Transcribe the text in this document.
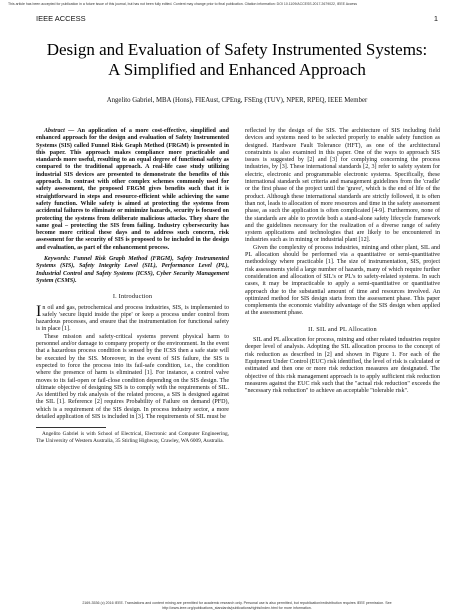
This article has been accepted for publication in a future issue of this journal, but has not been fully edited. Content may change prior to final publication. Citation information: DOI 10.1109/ACCESS.2017.2679022, IEEE Access
IEEE ACCESS	1
Design and Evaluation of Safety Instrumented Systems:
A Simplified and Enhanced Approach
Angelito Gabriel, MBA (Hons), FIEAust, CPEng, FSEng (TUV), NPER, RPEQ, IEEE Member

Abstract — An application of a more cost-effective, simplified and enhanced approach for the design and evaluation of Safety Instrumented Systems (SIS) called Funnel Risk Graph Method (FRGM) is presented in this paper. This approach makes compliance more practicable and standards more useful, resulting to an equal degree of functional safety as compared to the traditional approach. A real-life case study utilizing industrial SIS devices are presented to demonstrate the benefits of this approach. In contrast with other complex schemes commonly used for safety assessment, the proposed FRGM gives benefits such that it is straightforward in steps and resource-efficient while achieving the same safety function. While safety is aimed at protecting the systems from accidental failures to eliminate or minimize hazards, security is focused on protecting the systems from deliberate malicious attacks. They share the same goal – protecting the SIS from failing. Industry cybersecurity has become more critical these days and to address such concern, risk assessment for the security of SIS is proposed to be included in the design and evaluation, as part of the enhancement process.

Keywords: Funnel Risk Graph Method (FRGM), Safety Instrumented Systems (SIS), Safety Integrity Level (SIL), Performance Level (PL), Industrial Control and Safety Systems (ICSS), Cyber Security Management System (CSMS).

I. Introduction

In oil and gas, petrochemical and process industries, SIS, is implemented to safely 'secure liquid inside the pipe' or keep a process under control from hazardous processes, and ensure that the instrumentation for functional safety is in place [1].

These mission and safety-critical systems prevent physical harm to personnel and/or damage to company property or the environment. In the event that a hazardous process condition is sensed by the ICSS then a safe state will be executed by the SIS. Moreover, in the event of SIS failure, the SIS is expected to force the process into its fail-safe condition, i.e., the condition where the presence of harm is eliminated [1]. For instance, a control valve moves to its fail-open or fail-close condition depending on the SIS design. The ultimate objective of designing SIS is to comply with the requirements of SIL. As identified by risk analysis of the related process, a SIS is designed against the SIL [1]. Reference [2] requires Probability of Failure on demand (PFD), which is a requirement of the SIS design. In process industry sector, a more detailed application of SIS is included in [3]. The requirements of SIL must be

Angelito Gabriel is with School of Electrical, Electronic and Computer Engineering, The University of Western Australia, 35 Stirling Highway, Crawley, WA 6009, Australia.

reflected by the design of the SIS. The architecture of SIS including field devices and systems need to be selected properly to enable safety function as designed. Hardware Fault Tolerance (HFT), as one of the architectural constraints is also examined in this paper. One of the ways to approach SIS issues is suggested by [2] and [3] for complying concerning the process industries, by [3]. These international standards [2, 3] refer to safety system for electric, electronic and programmable electronic systems. Specifically, these international standards set criteria and management guidelines from the 'cradle' or the first phase of the project until the 'grave', which is the end of life of the product. Although these international standards are strictly followed, it is often than not, leads to allocation of more resources and time in the safety assessment phase, as such the application is often complicated [4-9]. Furthermore, none of the standards are able to provide both a stand-alone safety lifecycle framework and the guidelines necessary for the realization of a diverse range of safety system applications and technologies that are likely to be encountered in industries such as in mining or industrial plant [12].

Given the complexity of process industries, mining and other plant, SIL and PL allocation should be performed via a quantitative or semi-quantitative methodology where practicable [1]. The size of instrumentation, SIS, project risk assessments yield a large number of hazards, many of which require further consideration and allocation of SIL's or PL's to safety-related systems. In such cases, it may be impracticable to apply a semi-quantitative or quantitative approach due to the substantial amount of time and resources involved. An optimized method for SIS design starts from the assessment phase. This paper complements the economic viability advantage of the SIS design when applied at the assessment phase.

II. SIL and PL Allocation

SIL and PL allocation for process, mining and other related industries require deeper level of analysis. Adopting the SIL allocation process to the concept of risk reduction as described in [2] and shown in Figure 1. For each of the Equipment Under Control (EUC) risk identified, the level of risk is calculated or estimated and then one or more risk reduction measures are designated. The objective of this risk management approach is to apply sufficient risk reduction measures against the EUC risk such that the "actual risk reduction" exceeds the "necessary risk reduction" to achieve an acceptable "tolerable risk".

2169-3536 (c) 2016 IEEE. Translations and content mining are permitted for academic research only. Personal use is also permitted, but republication/redistribution requires IEEE permission. See http://www.ieee.org/publications_standards/publications/rights/index.html for more information.
